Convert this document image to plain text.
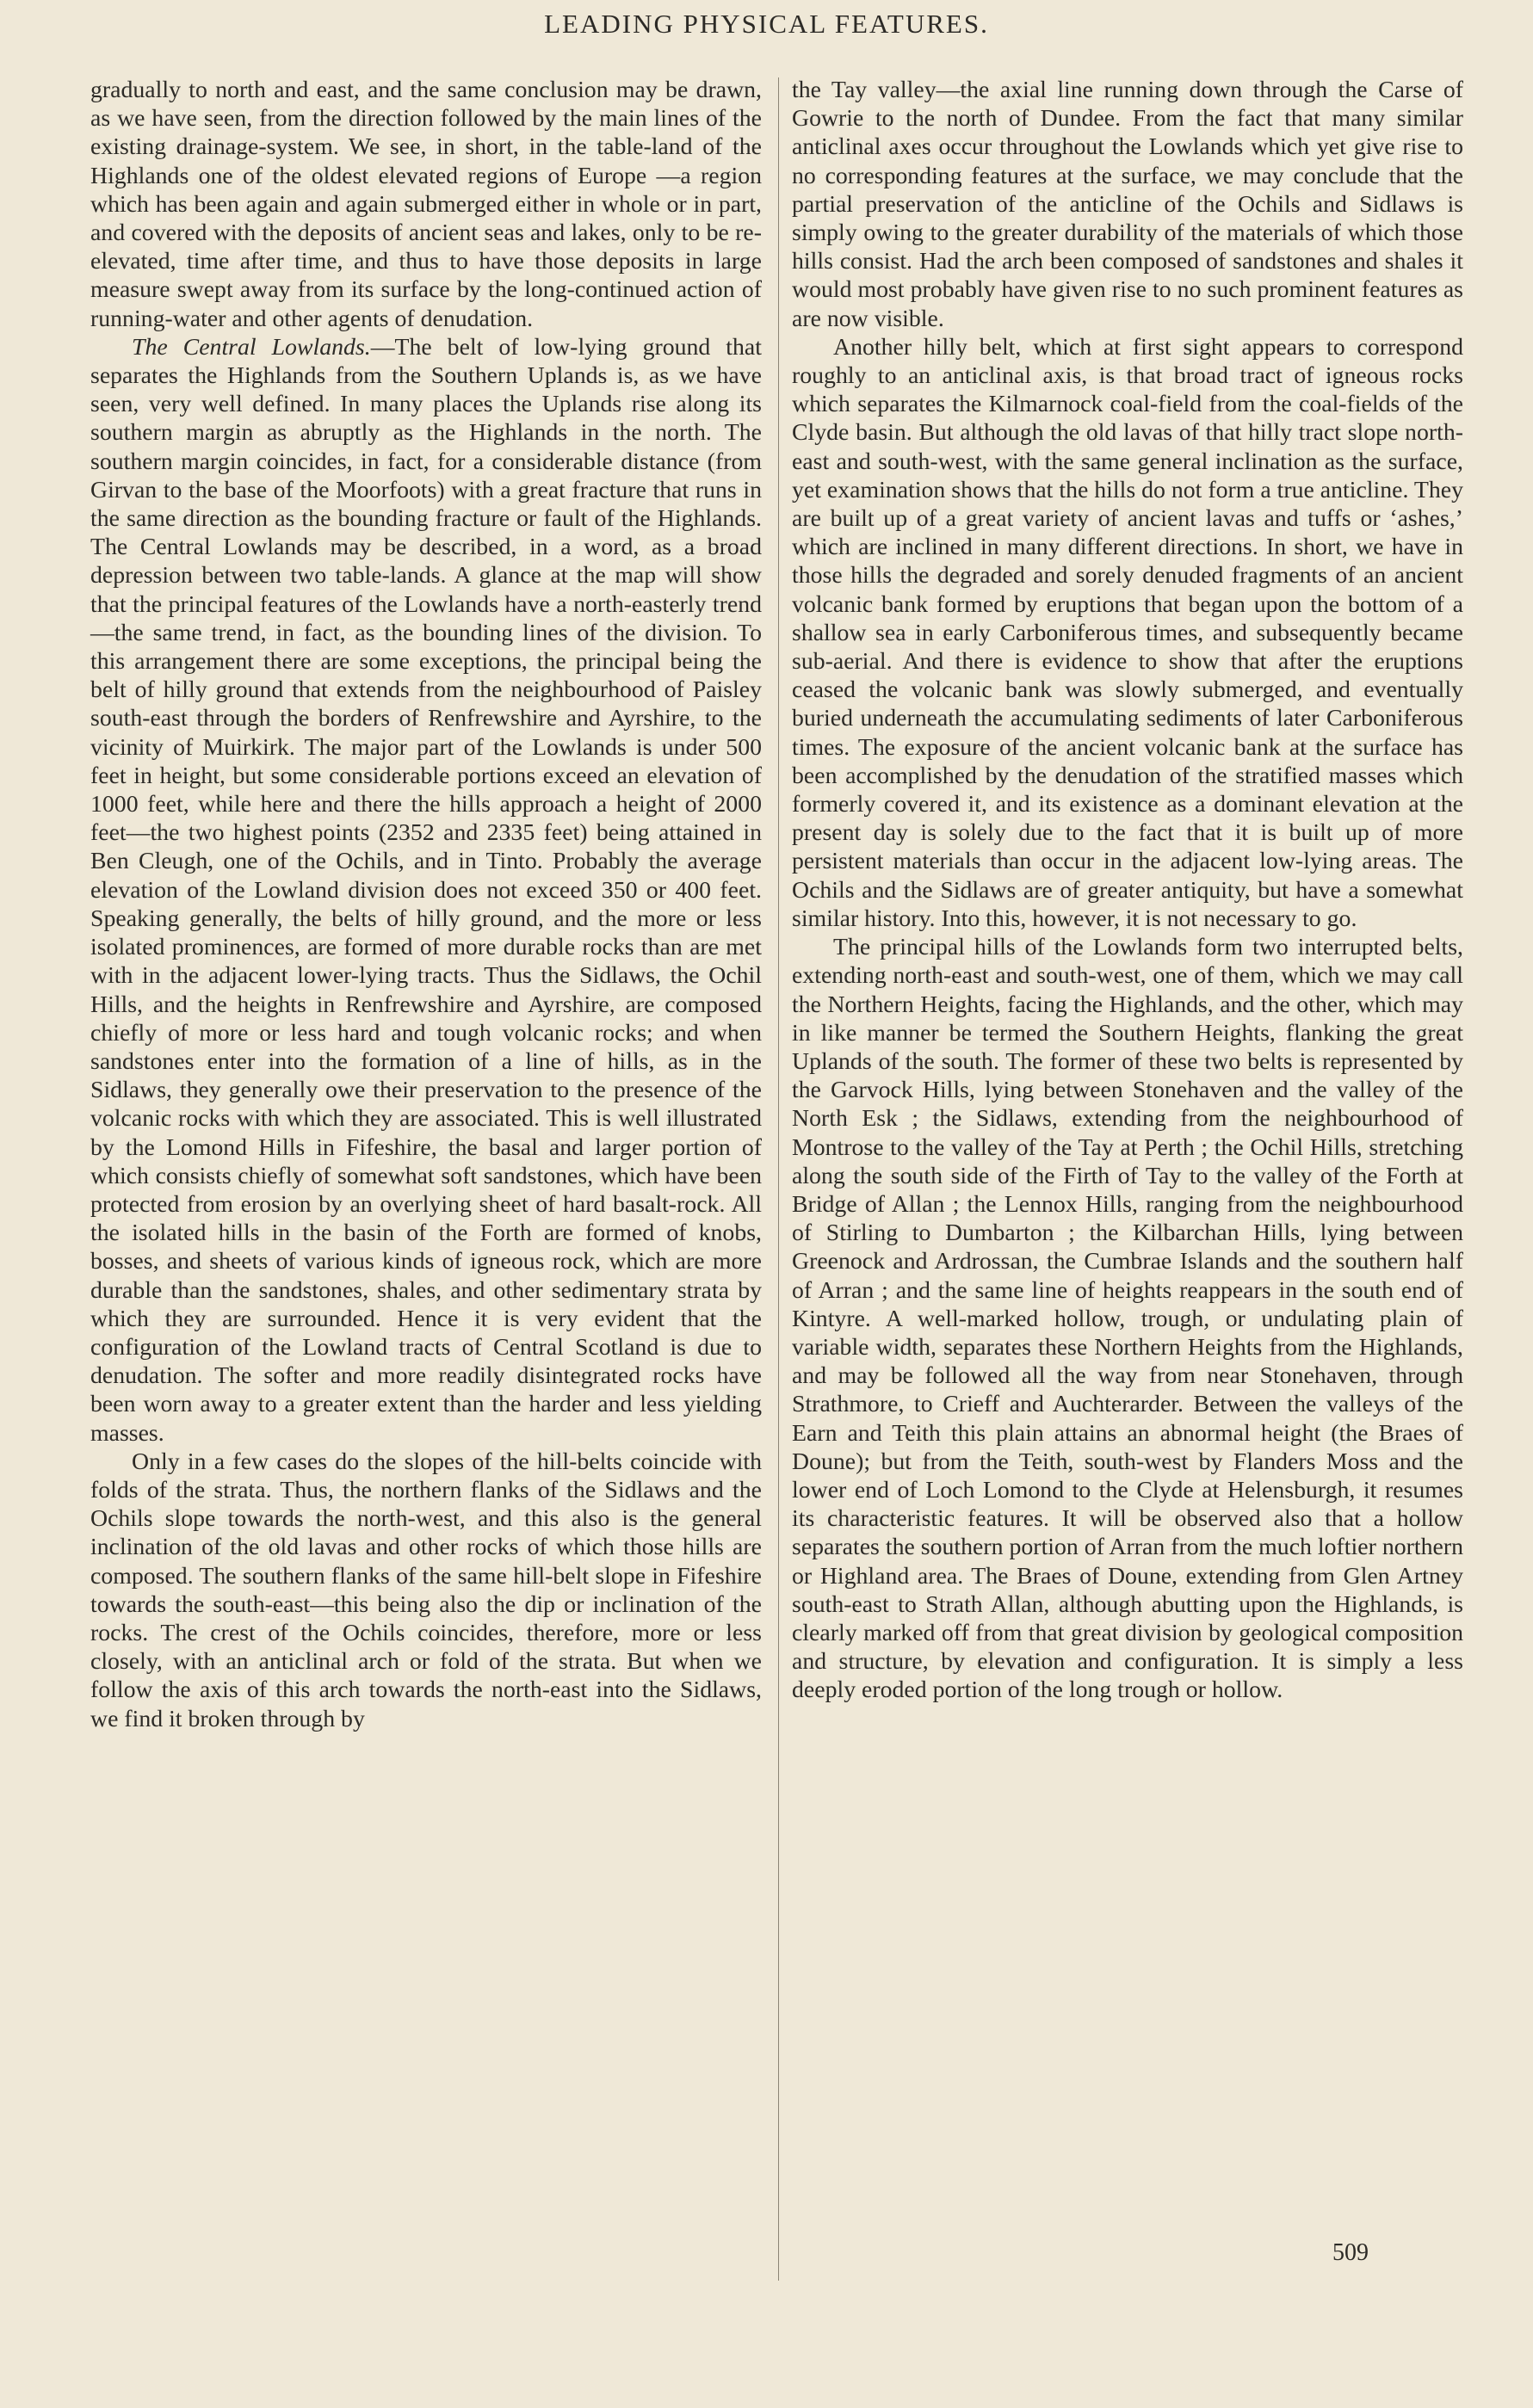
LEADING PHYSICAL FEATURES.

gradually to north and east, and the same conclusion may be drawn, as we have seen, from the direction followed by the main lines of the existing drainage-system. We see, in short, in the table-land of the Highlands one of the oldest elevated regions of Europe —a region which has been again and again submerged either in whole or in part, and covered with the deposits of ancient seas and lakes, only to be re-elevated, time after time, and thus to have those deposits in large measure swept away from its surface by the long-continued action of running-water and other agents of denudation.

The Central Lowlands.—The belt of low-lying ground that separates the Highlands from the Southern Uplands is, as we have seen, very well defined. In many places the Uplands rise along its southern margin as abruptly as the Highlands in the north. The southern margin coincides, in fact, for a considerable distance (from Girvan to the base of the Moorfoots) with a great fracture that runs in the same direction as the bounding fracture or fault of the Highlands. The Central Lowlands may be described, in a word, as a broad depression between two table-lands. A glance at the map will show that the principal features of the Lowlands have a north-easterly trend—the same trend, in fact, as the bounding lines of the division. To this arrangement there are some exceptions, the principal being the belt of hilly ground that extends from the neighbourhood of Paisley south-east through the borders of Renfrewshire and Ayrshire, to the vicinity of Muirkirk. The major part of the Lowlands is under 500 feet in height, but some considerable portions exceed an elevation of 1000 feet, while here and there the hills approach a height of 2000 feet—the two highest points (2352 and 2335 feet) being attained in Ben Cleugh, one of the Ochils, and in Tinto. Probably the average elevation of the Lowland division does not exceed 350 or 400 feet. Speaking generally, the belts of hilly ground, and the more or less isolated prominences, are formed of more durable rocks than are met with in the adjacent lower-lying tracts. Thus the Sidlaws, the Ochil Hills, and the heights in Renfrewshire and Ayrshire, are composed chiefly of more or less hard and tough volcanic rocks; and when sandstones enter into the formation of a line of hills, as in the Sidlaws, they generally owe their preservation to the presence of the volcanic rocks with which they are associated. This is well illustrated by the Lomond Hills in Fifeshire, the basal and larger portion of which consists chiefly of somewhat soft sandstones, which have been protected from erosion by an overlying sheet of hard basalt-rock. All the isolated hills in the basin of the Forth are formed of knobs, bosses, and sheets of various kinds of igneous rock, which are more durable than the sandstones, shales, and other sedimentary strata by which they are surrounded. Hence it is very evident that the configuration of the Lowland tracts of Central Scotland is due to denudation. The softer and more readily disintegrated rocks have been worn away to a greater extent than the harder and less yielding masses.

Only in a few cases do the slopes of the hill-belts coincide with folds of the strata. Thus, the northern flanks of the Sidlaws and the Ochils slope towards the north-west, and this also is the general inclination of the old lavas and other rocks of which those hills are composed. The southern flanks of the same hill-belt slope in Fifeshire towards the south-east—this being also the dip or inclination of the rocks. The crest of the Ochils coincides, therefore, more or less closely, with an anticlinal arch or fold of the strata. But when we follow the axis of this arch towards the north-east into the Sidlaws, we find it broken through by

the Tay valley—the axial line running down through the Carse of Gowrie to the north of Dundee. From the fact that many similar anticlinal axes occur throughout the Lowlands which yet give rise to no corresponding features at the surface, we may conclude that the partial preservation of the anticline of the Ochils and Sidlaws is simply owing to the greater durability of the materials of which those hills consist. Had the arch been composed of sandstones and shales it would most probably have given rise to no such prominent features as are now visible.

Another hilly belt, which at first sight appears to correspond roughly to an anticlinal axis, is that broad tract of igneous rocks which separates the Kilmarnock coal-field from the coal-fields of the Clyde basin. But although the old lavas of that hilly tract slope north-east and south-west, with the same general inclination as the surface, yet examination shows that the hills do not form a true anticline. They are built up of a great variety of ancient lavas and tuffs or ‘ashes,’ which are inclined in many different directions. In short, we have in those hills the degraded and sorely denuded fragments of an ancient volcanic bank formed by eruptions that began upon the bottom of a shallow sea in early Carboniferous times, and subsequently became sub-aerial. And there is evidence to show that after the eruptions ceased the volcanic bank was slowly submerged, and eventually buried underneath the accumulating sediments of later Carboniferous times. The exposure of the ancient volcanic bank at the surface has been accomplished by the denudation of the stratified masses which formerly covered it, and its existence as a dominant elevation at the present day is solely due to the fact that it is built up of more persistent materials than occur in the adjacent low-lying areas. The Ochils and the Sidlaws are of greater antiquity, but have a somewhat similar history. Into this, however, it is not necessary to go.

The principal hills of the Lowlands form two interrupted belts, extending north-east and south-west, one of them, which we may call the Northern Heights, facing the Highlands, and the other, which may in like manner be termed the Southern Heights, flanking the great Uplands of the south. The former of these two belts is represented by the Garvock Hills, lying between Stonehaven and the valley of the North Esk ; the Sidlaws, extending from the neighbourhood of Montrose to the valley of the Tay at Perth ; the Ochil Hills, stretching along the south side of the Firth of Tay to the valley of the Forth at Bridge of Allan ; the Lennox Hills, ranging from the neighbourhood of Stirling to Dumbarton ; the Kilbarchan Hills, lying between Greenock and Ardrossan, the Cumbrae Islands and the southern half of Arran ; and the same line of heights reappears in the south end of Kintyre. A well-marked hollow, trough, or undulating plain of variable width, separates these Northern Heights from the Highlands, and may be followed all the way from near Stonehaven, through Strathmore, to Crieff and Auchterarder. Between the valleys of the Earn and Teith this plain attains an abnormal height (the Braes of Doune); but from the Teith, south-west by Flanders Moss and the lower end of Loch Lomond to the Clyde at Helensburgh, it resumes its characteristic features. It will be observed also that a hollow separates the southern portion of Arran from the much loftier northern or Highland area. The Braes of Doune, extending from Glen Artney south-east to Strath Allan, although abutting upon the Highlands, is clearly marked off from that great division by geological composition and structure, by elevation and configuration. It is simply a less deeply eroded portion of the long trough or hollow.

509
